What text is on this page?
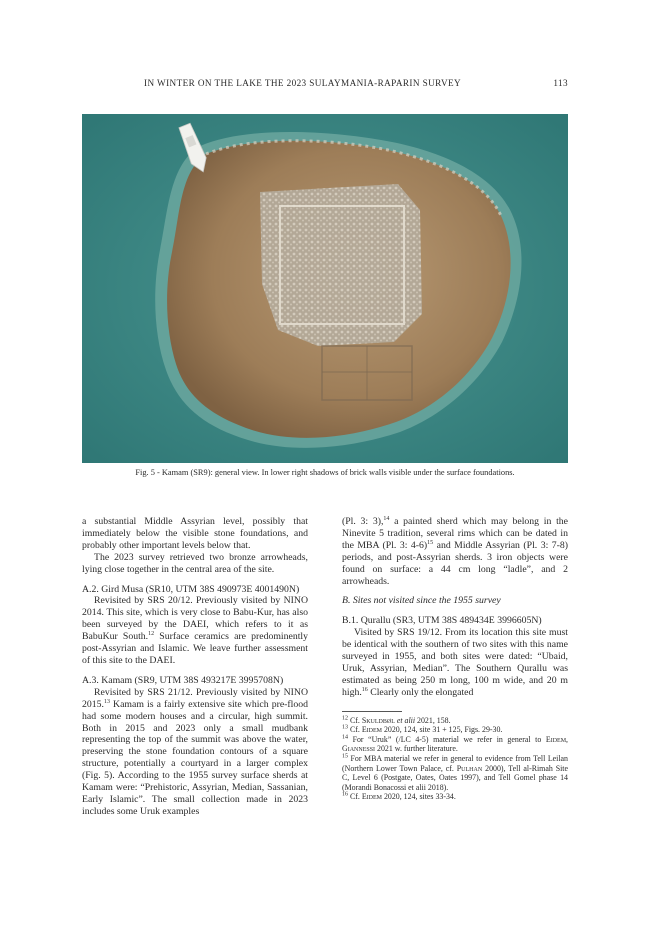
IN WINTER ON THE LAKE THE 2023 SULAYMANIA-RAPARIN SURVEY	113
Fig. 5 - Kamam (SR9): general view. In lower right shadows of brick walls visible under the surface foundations.

a substantial Middle Assyrian level, possibly that immediately below the visible stone foundations, and probably other important levels below that.

The 2023 survey retrieved two bronze arrowheads, lying close together in the central area of the site.

A.2. Gird Musa (SR10, UTM 38S 490973E 4001490N)

Revisited by SRS 20/12. Previously visited by NINO 2014. This site, which is very close to Babu-Kur, has also been surveyed by the DAEI, which refers to it as BabuKur South.$^{12}$ Surface ceramics are predominently post-Assyrian and Islamic. We leave further assessment of this site to the DAEI.

A.3. Kamam (SR9, UTM 38S 493217E 3995708N)

Revisited by SRS 21/12. Previously visited by NINO 2015.13 Kamam is a fairly extensive site which pre-flood had some modern houses and a circular, high summit. Both in 2015 and 2023 only a small mudbank representing the top of the summit was above the water, preserving the stone foundation contours of a square structure, potentially a courtyard in a larger complex (Fig. 5). According to the 1955 survey surface sherds at Kamam were: “Prehistoric, Assyrian, Median, Sassanian, Early Islamic”. The small collection made in 2023 includes some Uruk examples

(Pl. 3: 3),$^{14}$ a painted sherd which may belong in the Ninevite 5 tradition, several rims which can be dated in the MBA (Pl. 3: 4-6)$^{15}$ and Middle Assyrian (Pl. 3: 7-8) periods, and post-Assyrian sherds. 3 iron objects were found on surface: a 44 cm long “ladle”, and 2 arrowheads.

B. Sites not visited since the 1955 survey

B.1. Qurallu (SR3, UTM 38S 489434E 3996605N)

Visited by SRS 19/12. From its location this site must be identical with the southern of two sites with this name surveyed in 1955, and both sites were dated: “Ubaid, Uruk, Assyrian, Median”. The Southern Qurallu was estimated as being 250 m long, 100 m wide, and 20 m high.$^{16}$ Clearly only the elongated

$^{12}$ Cf. Skuldbøl et alii 2021, 158.

$^{13}$ Cf. Eidem 2020, 124, site 31 + 125, Figs. 29-30.

$^{14}$ For “Uruk” (/LC 4-5) material we refer in general to Eidem, Giannessi 2021 w. further literature.

$^{15}$ For MBA material we refer in general to evidence from Tell Leilan (Northern Lower Town Palace, cf. Pulhan 2000), Tell al-Rimah Site C, Level 6 (Postgate, Oates, Oates 1997), and Tell Gomel phase 14 (Morandi Bonacossi et alii 2018).

$^{16}$ Cf. Eidem 2020, 124, sites 33-34.
